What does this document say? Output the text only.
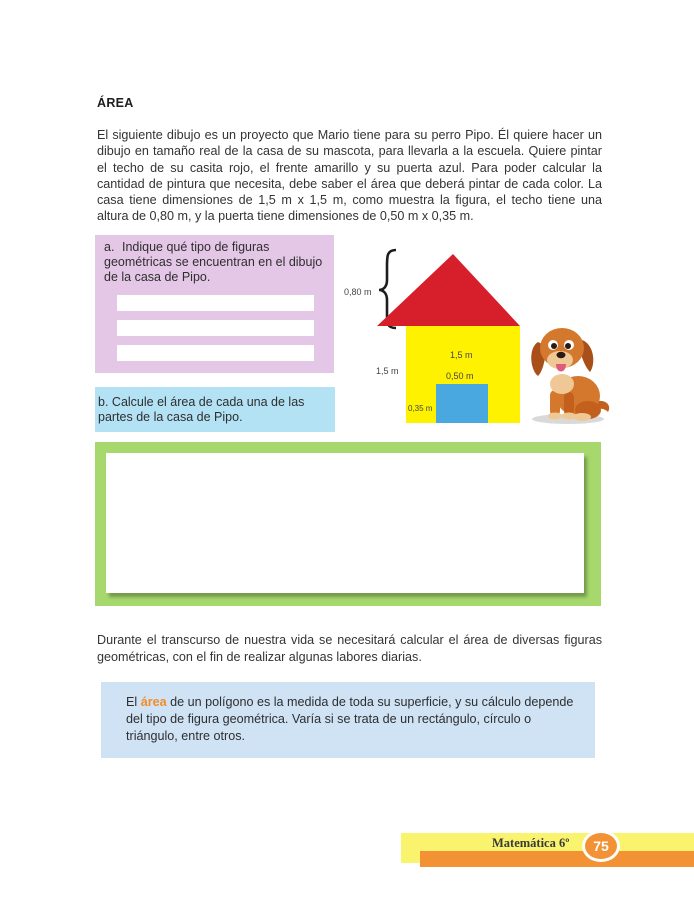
ÁREA

El siguiente dibujo es un proyecto que Mario tiene para su perro Pipo. Él quiere hacer un dibujo en tamaño real de la casa de su mascota, para llevarla a la escuela. Quiere pintar el techo de su casita rojo, el frente amarillo y su puerta azul. Para poder calcular la cantidad de pintura que necesita, debe saber el área que deberá pintar de cada color. La casa tiene dimensiones de 1,5 m x 1,5 m, como muestra la figura, el techo tiene una altura de 0,80 m, y la puerta tiene dimensiones de 0,50 m x 0,35 m.

a. Indique qué tipo de figuras geométricas se encuentran en el dibujo de la casa de Pipo.
b. Calcule el área de cada una de las partes de la casa de Pipo.
0,80 m
1,5 m
1,5 m	0,50 m
0,35 m

Durante el transcurso de nuestra vida se necesitará calcular el área de diversas figuras geométricas, con el fin de realizar algunas labores diarias.

El área de un polígono es la medida de toda su superficie, y su cálculo depende del tipo de figura geométrica. Varía si se trata de un rectángulo, círculo o triángulo, entre otros.

Matemática 6º	75
